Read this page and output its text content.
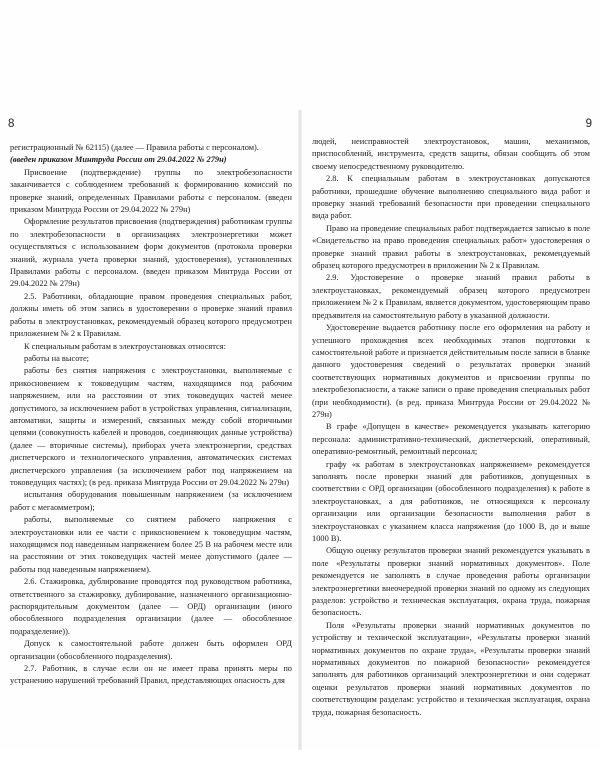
8

регистрационный № 62115) (далее — Правила работы с персоналом).

(введен приказом Минтруда России от 29.04.2022 № 279н)

Присвоение (подтверждение) группы по электробезопасности заканчивается с соблюдением требований к формированию комиссий по проверке знаний, определенных Правилами работы с персоналом. (введен приказом Минтруда России от 29.04.2022 № 279н)

Оформление результатов присвоения (подтверждения) работникам группы по электробезопасности в организациях электроэнергетики может осуществляться с использованием форм документов (протокола проверки знаний, журнала учета проверки знаний, удостоверения), установленных Правилами работы с персоналом. (введен приказом Минтруда России от 29.04.2022 № 279н)

2.5. Работники, обладающие правом проведения специальных работ, должны иметь об этом запись в удостоверении о проверке знаний правил работы в электроустановках, рекомендуемый образец которого предусмотрен приложением № 2 к Правилам.

К специальным работам в электроустановках относятся:

работы на высоте;

работы без снятия напряжения с электроустановки, выполняемые с прикосновением к токоведущим частям, находящимся под рабочим напряжением, или на расстоянии от этих токоведущих частей менее допустимого, за исключением работ в устройствах управления, сигнализации, автоматики, защиты и измерений, связанных между собой вторичными цепями (совокупность кабелей и проводов, соединяющих данные устройства) (далее — вторичные системы), приборах учета электроэнергии, средствах диспетчерского и технологического управления, автоматических системах диспетчерского управления (за исключением работ под напряжением на токоведущих частях); (в ред. приказа Минтруда России от 29.04.2022 № 279н)

испытания оборудования повышенным напряжением (за исключением работ с мегаомметром);

работы, выполняемые со снятием рабочего напряжения с электроустановки или ее части с прикосновением к токоведущим частям, находящимся под наведенным напряжением более 25 В на рабочем месте или на расстоянии от этих токоведущих частей менее допустимого (далее — работы под наведенным напряжением).

2.6. Стажировка, дублирование проводятся под руководством работника, ответственного за стажировку, дублирование, назначенного организационно-распорядительным документом (далее — ОРД) организации (иного обособленного подразделения организации (далее — обособленное подразделение)).

Допуск к самостоятельной работе должен быть оформлен ОРД организации (обособленного подразделения).

2.7. Работник, в случае если он не имеет права принять меры по устранению нарушений требований Правил, представляющих опасность для

9

людей, неисправностей электроустановок, машин, механизмов, приспособлений, инструмента, средств защиты, обязан сообщить об этом своему непосредственному руководителю.

2.8. К специальным работам в электроустановках допускаются работники, прошедшие обучение выполнению специального вида работ и проверку знаний требований безопасности при проведении специального вида работ.

Право на проведение специальных работ подтверждается записью в поле «Свидетельство на право проведения специальных работ» удостоверения о проверке знаний правил работы в электроустановках, рекомендуемый образец которого предусмотрен в приложении № 2 к Правилам.

2.9. Удостоверение о проверке знаний правил работы в электроустановках, рекомендуемый образец которого предусмотрен приложением № 2 к Правилам, является документом, удостоверяющим право предъявителя на самостоятельную работу в указанной должности.

Удостоверение выдается работнику после его оформления на работу и успешного прохождения всех необходимых этапов подготовки к самостоятельной работе и признается действительным после записи в бланке данного удостоверения сведений о результатах проверки знаний соответствующих нормативных документов и присвоении группы по электробезопасности, а также записи о праве проведения специальных работ (при необходимости). (в ред. приказа Минтруда России от 29.04.2022 № 279н)

В графе «Допущен в качестве» рекомендуется указывать категорию персонала: административно-технический, диспетчерский, оперативный, оперативно-ремонтный, ремонтный персонал;

графу «к работам в электроустановках напряжением» рекомендуется заполнять после проверки знаний для работников, допущенных в соответствии с ОРД организации (обособленного подразделения) к работе в электроустановках, а для работников, не относящихся к персоналу организации или организации безопасности выполнения работ в электроустановках с указанием класса напряжения (до 1000 В, до и выше 1000 В).

Общую оценку результатов проверки знаний рекомендуется указывать в поле «Результаты проверки знаний нормативных документов». Поле рекомендуется не заполнять в случае проведения работы организации электроэнергетики внеочередной проверки знаний по одному из следующих разделов: устройство и техническая эксплуатация, охрана труда, пожарная безопасность.

Поля «Результаты проверки знаний нормативных документов по устройству и технической эксплуатации», «Результаты проверки знаний нормативных документов по охране труда», «Результаты проверки знаний нормативных документов по пожарной безопасности» рекомендуется заполнять для работников организаций электроэнергетики и они содержат оценки результатов проверки знаний нормативных документов по соответствующим разделам: устройство и техническая эксплуатация, охрана труда, пожарная безопасность.
